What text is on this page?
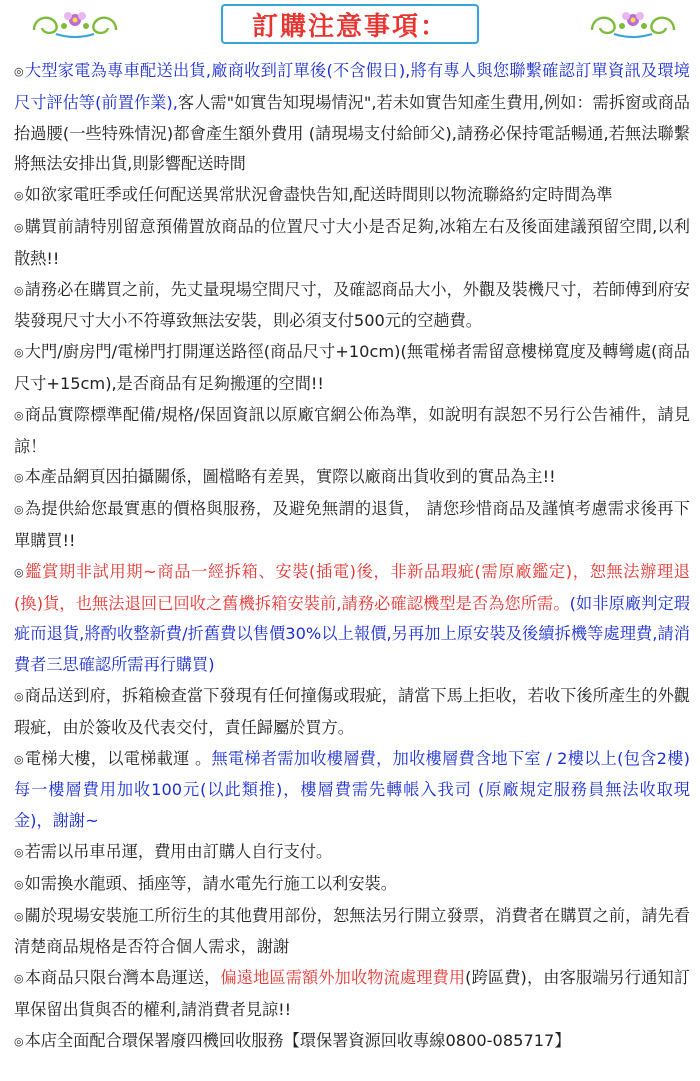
訂購注意事項：

◎大型家電為專車配送出貨,廠商收到訂單後(不含假日),將有專人與您聯繫確認訂單資訊及環境尺寸評估等(前置作業),客人需"如實告知現場情況",若未如實告知產生費用,例如：需拆窗或商品抬過腰(一些特殊情況)都會產生額外費用 (請現場支付給師父),請務必保持電話暢通,若無法聯繫將無法安排出貨,則影響配送時間

◎如欲家電旺季或任何配送異常狀況會盡快告知,配送時間則以物流聯絡約定時間為準

◎購買前請特別留意預備置放商品的位置尺寸大小是否足夠,冰箱左右及後面建議預留空間,以利散熱!!

◎請務必在購買之前，先丈量現場空間尺寸，及確認商品大小，外觀及裝機尺寸，若師傅到府安裝發現尺寸大小不符導致無法安裝，則必須支付500元的空趟費。

◎大門/廚房門/電梯門打開運送路徑(商品尺寸+10cm)(無電梯者需留意樓梯寬度及轉彎處(商品尺寸+15cm),是否商品有足夠搬運的空間!!

◎商品實際標準配備/規格/保固資訊以原廠官網公佈為準，如說明有誤恕不另行公告補件，請見諒！

◎本產品網頁因拍攝關係，圖檔略有差異，實際以廠商出貨收到的實品為主!!

◎為提供給您最實惠的價格與服務，及避免無謂的退貨， 請您珍惜商品及謹慎考慮需求後再下單購買!!

◎鑑賞期非試用期~商品一經拆箱、安裝(插電)後，非新品瑕疵(需原廠鑑定)，恕無法辦理退(換)貨，也無法退回已回收之舊機拆箱安裝前,請務必確認機型是否為您所需。(如非原廠判定瑕疵而退貨,將酌收整新費/折舊費以售價30%以上報價,另再加上原安裝及後續拆機等處理費,請消費者三思確認所需再行購買)

◎商品送到府，拆箱檢查當下發現有任何撞傷或瑕疵，請當下馬上拒收，若收下後所產生的外觀瑕疵，由於簽收及代表交付，責任歸屬於買方。

◎電梯大樓，以電梯載運 。無電梯者需加收樓層費，加收樓層費含地下室 / 2樓以上(包含2樓)每一樓層費用加收100元(以此類推)，樓層費需先轉帳入我司 (原廠規定服務員無法收取現金)，謝謝~

◎若需以吊車吊運，費用由訂購人自行支付。

◎如需換水龍頭、插座等，請水電先行施工以利安裝。

◎關於現場安裝施工所衍生的其他費用部份，恕無法另行開立發票，消費者在購買之前，請先看清楚商品規格是否符合個人需求，謝謝

◎本商品只限台灣本島運送，偏遠地區需額外加收物流處理費用(跨區費)，由客服端另行通知訂單保留出貨與否的權利,請消費者見諒!!

◎本店全面配合環保署廢四機回收服務【環保署資源回收專線0800-085717】
